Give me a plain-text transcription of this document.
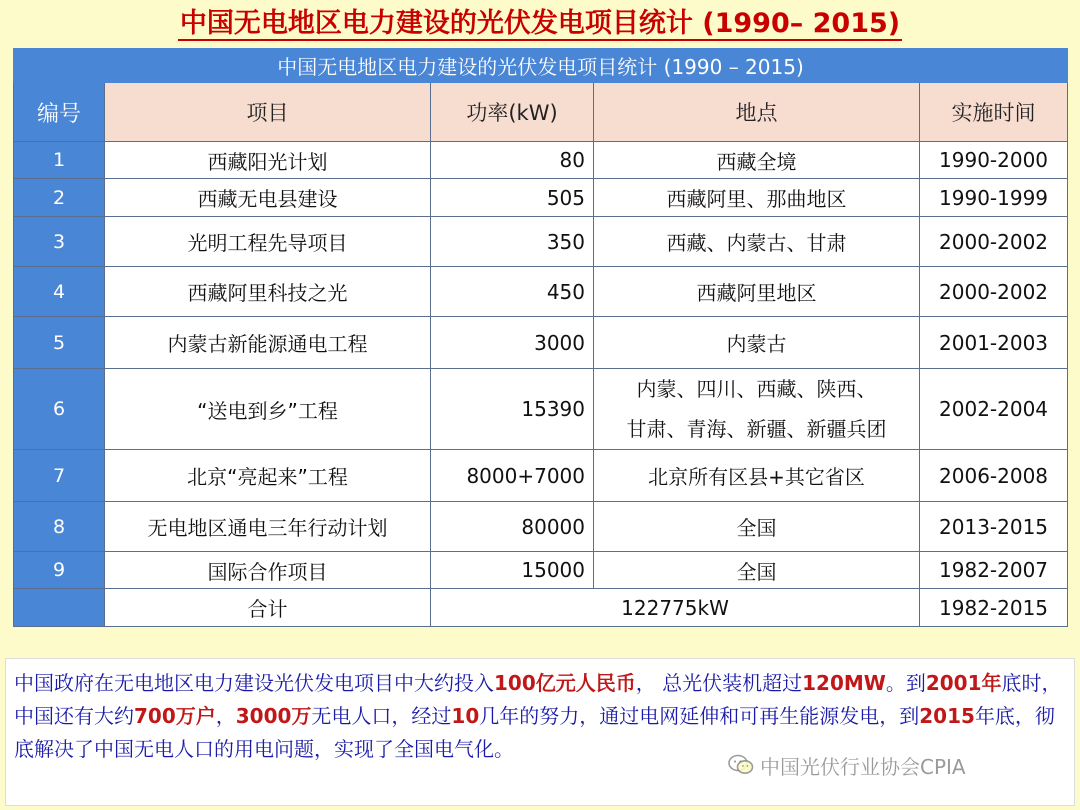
中国无电地区电力建设的光伏发电项目统计 (1990– 2015)
中国无电地区电力建设的光伏发电项目统计 (1990 – 2015)				
编号	项目	功率(kW)	地点	实施时间
1	西藏阳光计划	80	西藏全境	1990-2000
2	西藏无电县建设	505	西藏阿里、那曲地区	1990-1999
3	光明工程先导项目	350	西藏、内蒙古、甘肃	2000-2002
4	西藏阿里科技之光	450	西藏阿里地区	2000-2002
5	内蒙古新能源通电工程	3000	内蒙古	2001-2003
6	“送电到乡”工程	15390	内蒙、四川、西藏、陕西、
甘肃、青海、新疆、新疆兵团	2002-2004
7	北京“亮起来”工程	8000+7000	北京所有区县+其它省区	2006-2008
8	无电地区通电三年行动计划	80000	全国	2013-2015
9	国际合作项目	15000	全国	1982-2007
	合计	122775kW		1982-2015
中国政府在无电地区电力建设光伏发电项目中大约投入100亿元人民币， 总光伏装机超过120MW。到2001年底时，中国还有大约700万户，3000万无电人口，经过10几年的努力，通过电网延伸和可再生能源发电，到2015年底，彻底解决了中国无电人口的用电问题，实现了全国电气化。
中国光伏行业协会CPIA
